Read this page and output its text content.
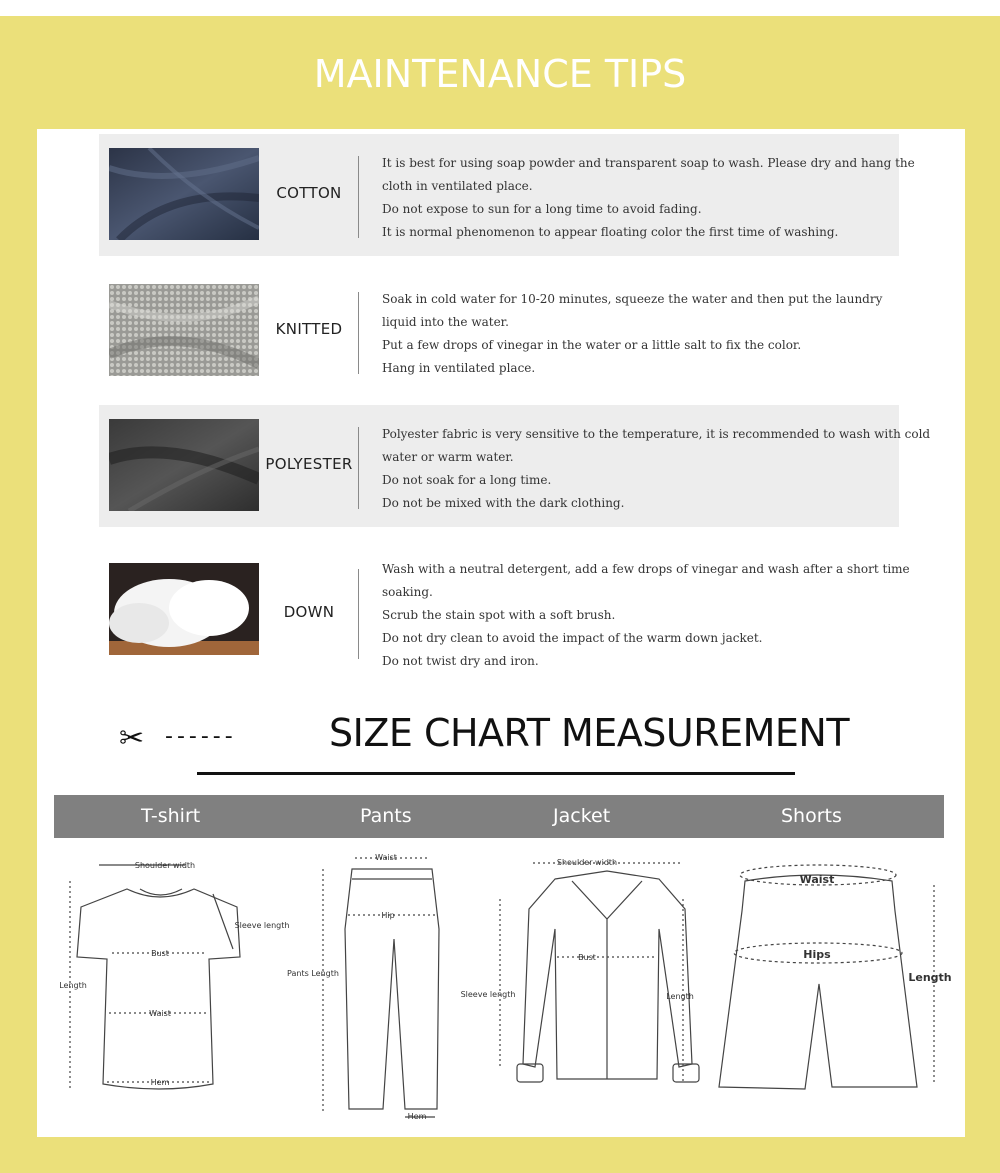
MAINTENANCE TIPS
COTTON
It is best for using soap powder and transparent soap to wash. Please dry and hang the
cloth in ventilated place.
Do not expose to sun for a long time to avoid fading.
It is normal phenomenon to appear floating color the first time of washing.
KNITTED
Soak in cold water for 10-20 minutes, squeeze the water and then put the laundry
liquid into the water.
Put a few drops of vinegar in the water or a little salt to fix the color.
Hang in ventilated place.
POLYESTER
Polyester fabric is very sensitive to the temperature, it is recommended to wash with cold
water or warm water.
Do not soak for a long time.
Do not be mixed with the dark clothing.
DOWN
Wash with a neutral detergent, add a few drops of vinegar and wash after a short time
soaking.
Scrub the stain spot with a soft brush.
Do not dry clean to avoid the impact of the warm down jacket.
Do not twist dry and iron.
✂ ------ SIZE CHART MEASUREMENT
T-shirt	Pants	Jacket	Shorts
Shoulder width
Sleeve length
Bust
Length
Waist
Hem
Waist
Hip
Pants Length
Hem
Shoulder width
Bust
Sleeve length	Length
Waist
Hips
Length
